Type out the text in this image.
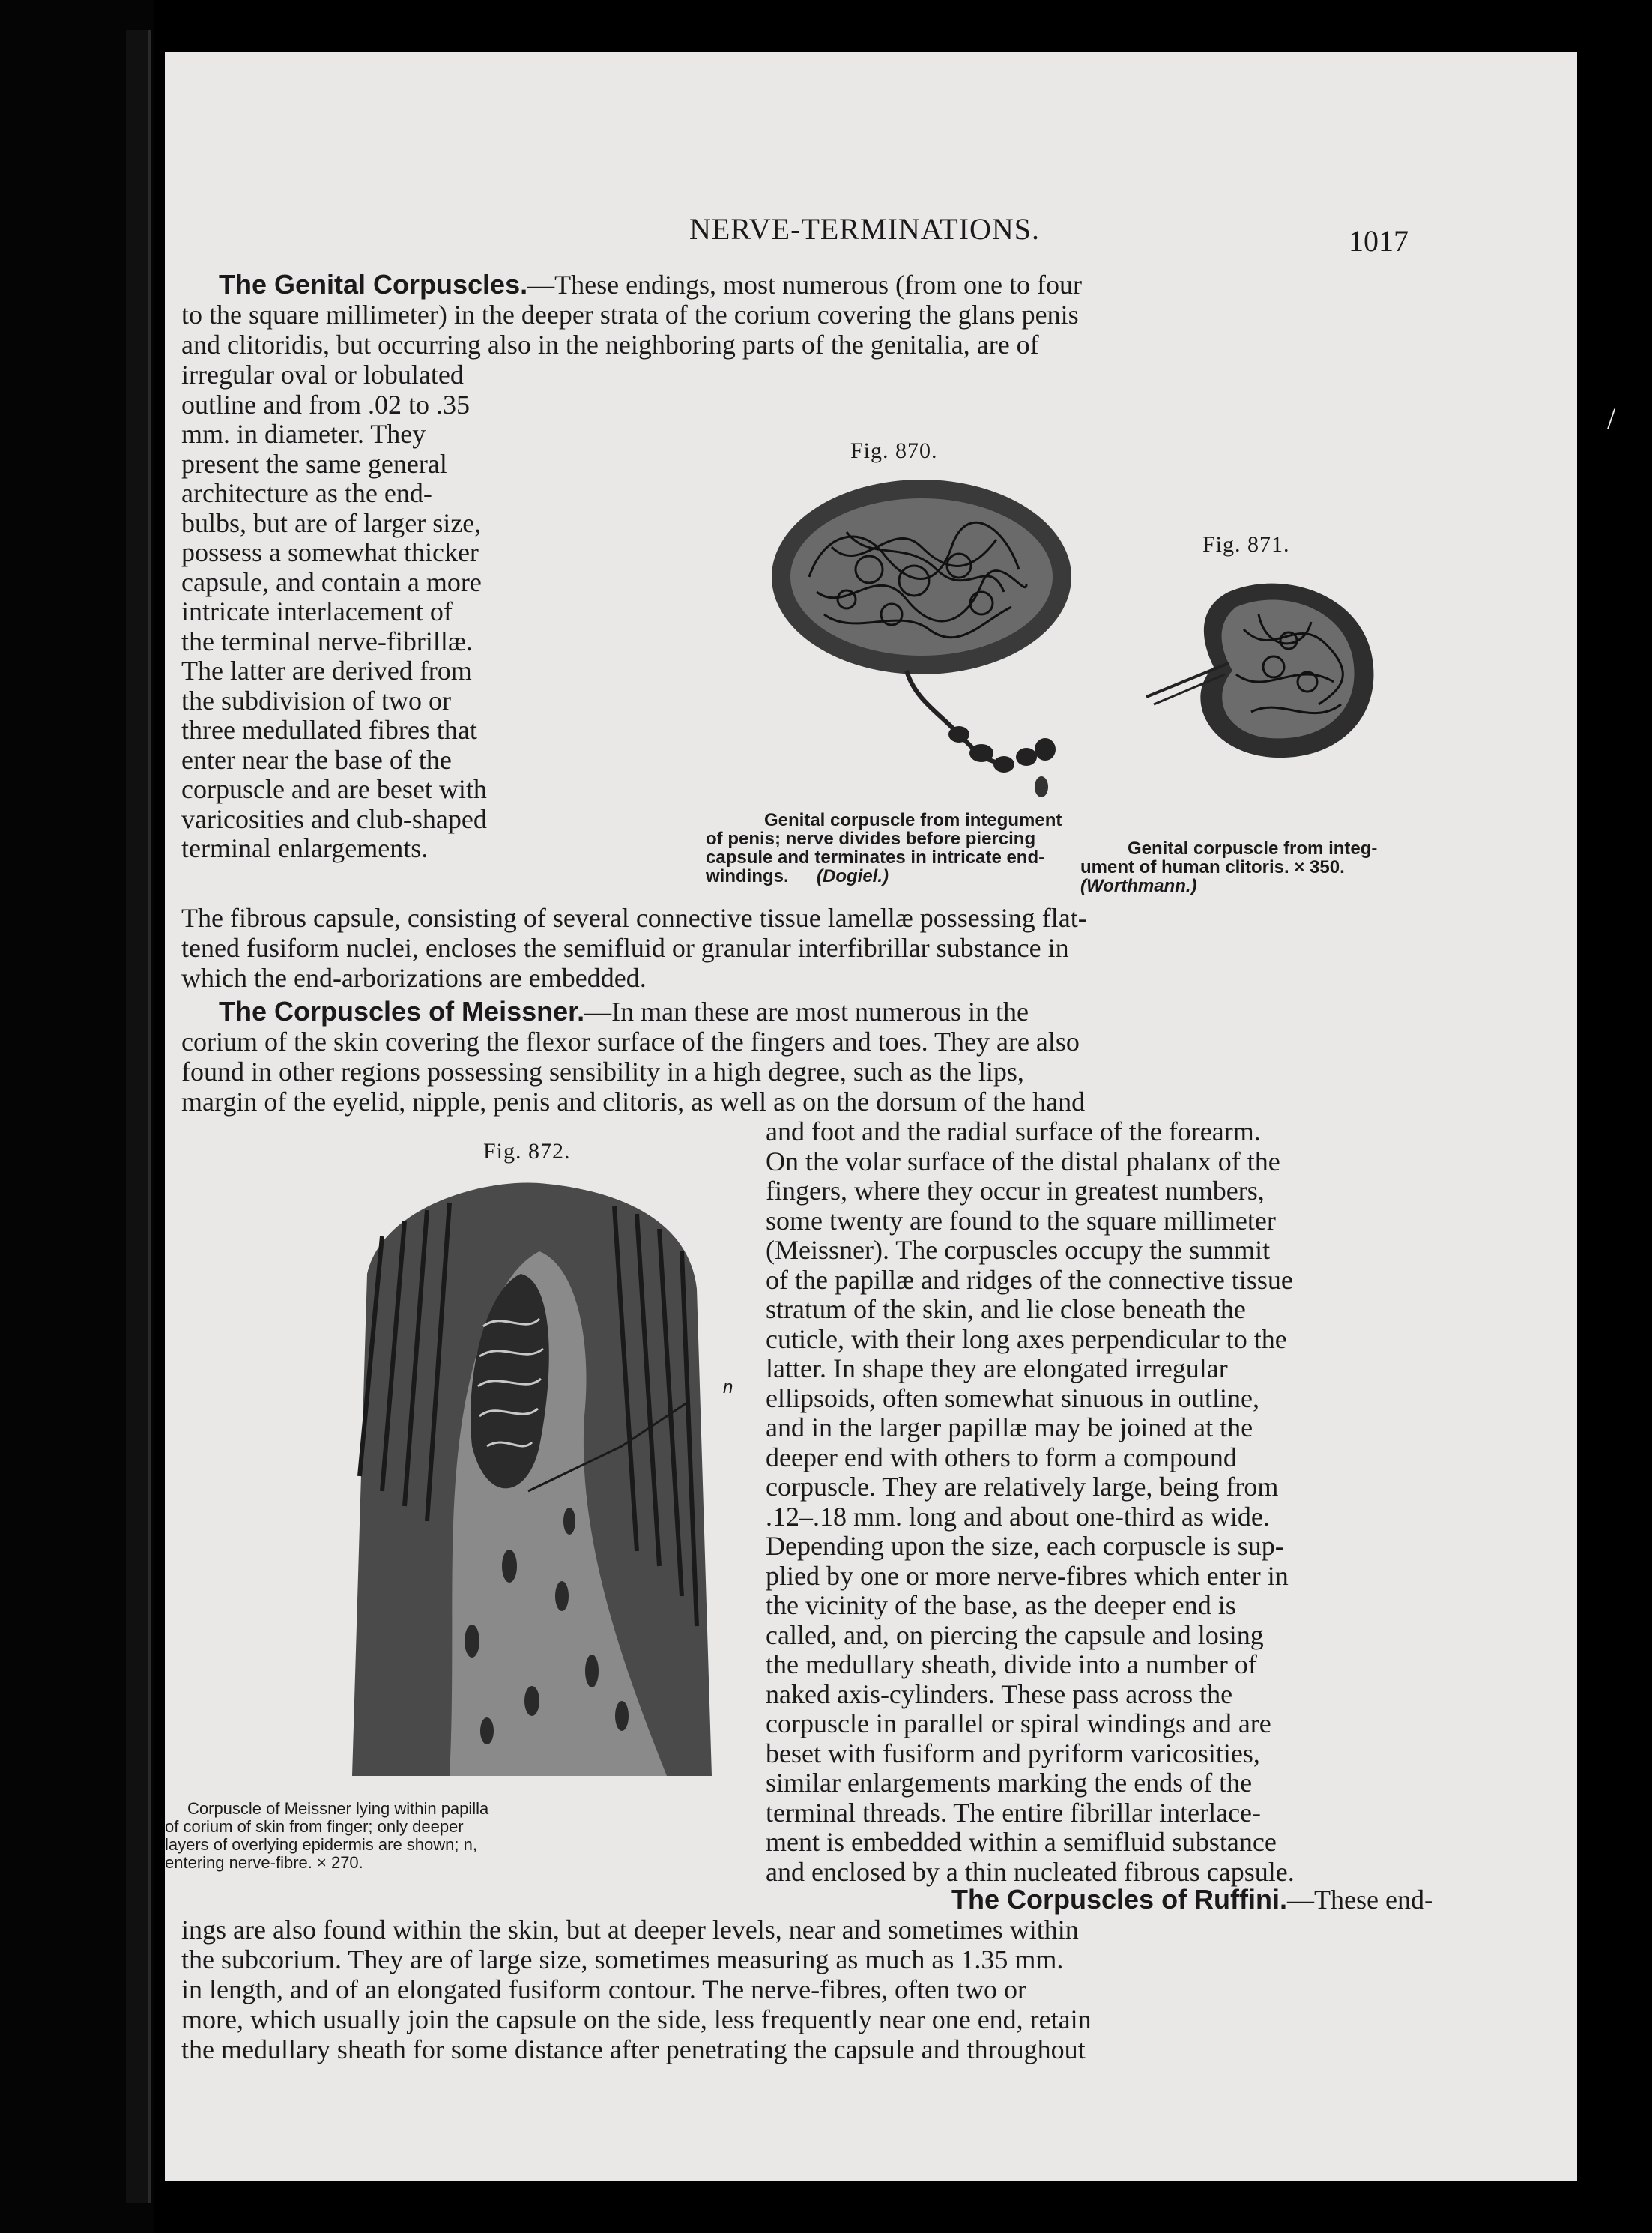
NERVE-TERMINATIONS.	1017
The Genital Corpuscles.—These endings, most numerous (from one to four
to the square millimeter) in the deeper strata of the corium covering the glans penis
and clitoridis, but occurring also in the neighboring parts of the genitalia, are of
irregular oval or lobulated
outline and from .02 to .35
mm. in diameter. They
present the same general
architecture as the end-
bulbs, but are of larger size,
possess a somewhat thicker
capsule, and contain a more
intricate interlacement of
the terminal nerve-fibrillæ.
The latter are derived from
the subdivision of two or
three medullated fibres that
enter near the base of the
corpuscle and are beset with
varicosities and club-shaped
terminal enlargements.
The fibrous capsule, consisting of several connective tissue lamellæ possessing flat-
tened fusiform nuclei, encloses the semifluid or granular interfibrillar substance in
which the end-arborizations are embedded.
Fig. 870.
Genital corpuscle from integument
of penis; nerve divides before piercing
capsule and terminates in intricate end-
windings. (Dogiel.)
Fig. 871.
Genital corpuscle from integ-
ument of human clitoris. × 350.
(Worthmann.)
The Corpuscles of Meissner.—In man these are most numerous in the
corium of the skin covering the flexor surface of the fingers and toes. They are also
found in other regions possessing sensibility in a high degree, such as the lips,
margin of the eyelid, nipple, penis and clitoris, as well as on the dorsum of the hand
and foot and the radial surface of the forearm.
On the volar surface of the distal phalanx of the
fingers, where they occur in greatest numbers,
some twenty are found to the square millimeter
(Meissner). The corpuscles occupy the summit
of the papillæ and ridges of the connective tissue
stratum of the skin, and lie close beneath the
cuticle, with their long axes perpendicular to the
latter. In shape they are elongated irregular
ellipsoids, often somewhat sinuous in outline,
and in the larger papillæ may be joined at the
deeper end with others to form a compound
corpuscle. They are relatively large, being from
.12–.18 mm. long and about one-third as wide.
Depending upon the size, each corpuscle is sup-
plied by one or more nerve-fibres which enter in
the vicinity of the base, as the deeper end is
called, and, on piercing the capsule and losing
the medullary sheath, divide into a number of
naked axis-cylinders. These pass across the
corpuscle in parallel or spiral windings and are
beset with fusiform and pyriform varicosities,
similar enlargements marking the ends of the
terminal threads. The entire fibrillar interlace-
ment is embedded within a semifluid substance
and enclosed by a thin nucleated fibrous capsule.
Fig. 872.
n
Corpuscle of Meissner lying within papilla
of corium of skin from finger; only deeper
layers of overlying epidermis are shown; n,
entering nerve-fibre. × 270.
The Corpuscles of Ruffini.—These end-
ings are also found within the skin, but at deeper levels, near and sometimes within
the subcorium. They are of large size, sometimes measuring as much as 1.35 mm.
in length, and of an elongated fusiform contour. The nerve-fibres, often two or
more, which usually join the capsule on the side, less frequently near one end, retain
the medullary sheath for some distance after penetrating the capsule and throughout
/
